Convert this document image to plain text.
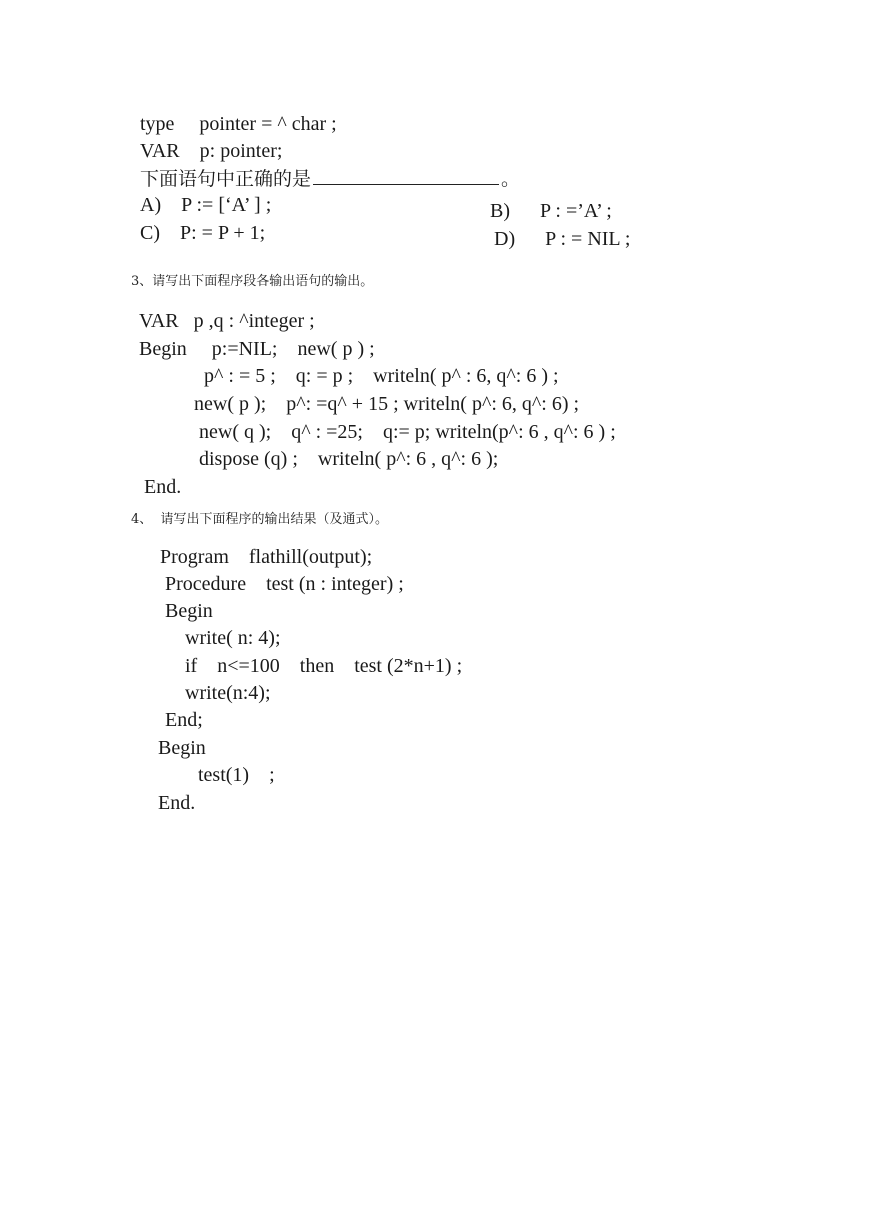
type     pointer = ^ char ;
VAR    p: pointer;
下面语句中正确的是	。
A)    P := [‘A’ ] ;	B)      P : =’A’ ;
C)    P: = P + 1;	D)      P : = NIL ;
3、请写出下面程序段各输出语句的输出。
VAR   p ,q : ^integer ;
Begin     p:=NIL;    new( p ) ;
p^ : = 5 ;    q: = p ;    writeln( p^ : 6, q^: 6 ) ;
new( p );    p^: =q^ + 15 ; writeln( p^: 6, q^: 6) ;
new( q );    q^ : =25;    q:= p; writeln(p^: 6 , q^: 6 ) ;
dispose (q) ;    writeln( p^: 6 , q^: 6 );
End.
4、  请写出下面程序的输出结果（及通式）。
Program    flathill(output);
Procedure    test (n : integer) ;
Begin
write( n: 4);
if    n<=100    then    test (2*n+1) ;
write(n:4);
End;
Begin
test(1)    ;
End.
